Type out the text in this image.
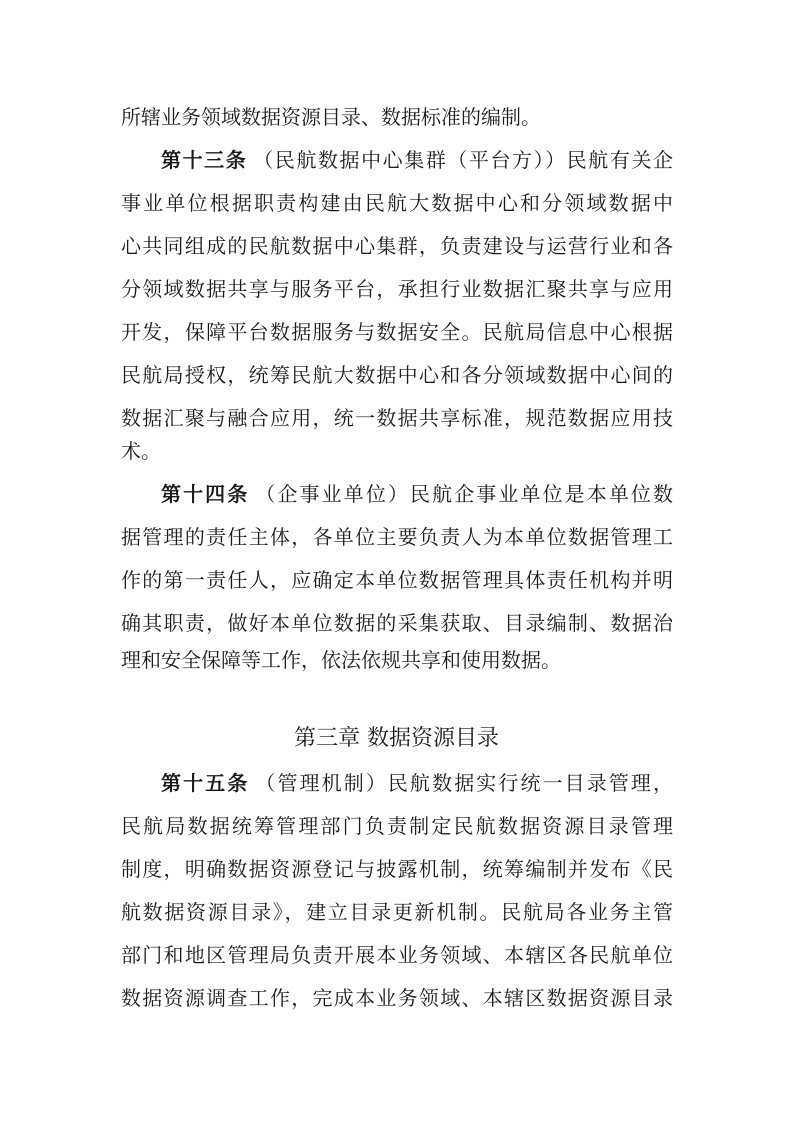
所辖业务领域数据资源目录、数据标准的编制。
第十三条 （民航数据中心集群（平台方））民航有关企
事业单位根据职责构建由民航大数据中心和分领域数据中
心共同组成的民航数据中心集群，负责建设与运营行业和各
分领域数据共享与服务平台，承担行业数据汇聚共享与应用
开发，保障平台数据服务与数据安全。民航局信息中心根据
民航局授权，统筹民航大数据中心和各分领域数据中心间的
数据汇聚与融合应用，统一数据共享标准，规范数据应用技
术。
第十四条 （企事业单位）民航企事业单位是本单位数
据管理的责任主体，各单位主要负责人为本单位数据管理工
作的第一责任人，应确定本单位数据管理具体责任机构并明
确其职责，做好本单位数据的采集获取、目录编制、数据治
理和安全保障等工作，依法依规共享和使用数据。
第三章 数据资源目录
第十五条 （管理机制）民航数据实行统一目录管理，
民航局数据统筹管理部门负责制定民航数据资源目录管理
制度，明确数据资源登记与披露机制，统筹编制并发布《民
航数据资源目录》，建立目录更新机制。民航局各业务主管
部门和地区管理局负责开展本业务领域、本辖区各民航单位
数据资源调查工作，完成本业务领域、本辖区数据资源目录
